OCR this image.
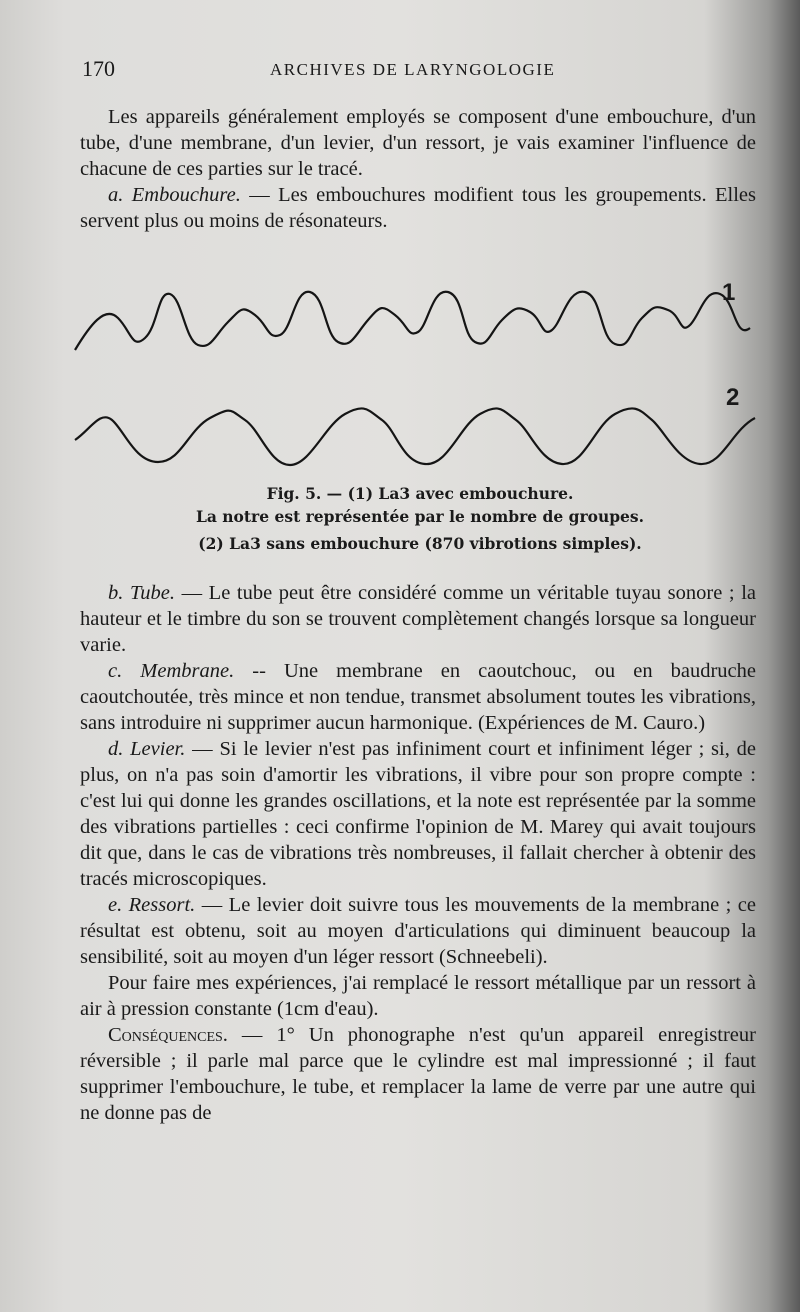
170	ARCHIVES DE LARYNGOLOGIE

Les appareils généralement employés se composent d'une embouchure, d'un tube, d'une membrane, d'un levier, d'un ressort, je vais examiner l'influence de chacune de ces parties sur le tracé.

a. Embouchure. — Les embouchures modifient tous les groupements. Elles servent plus ou moins de résonateurs.

1
2

Fig. 5. — (1) La3 avec embouchure.

La notre est représentée par le nombre de groupes.

(2) La3 sans embouchure (870 vibrotions simples).

b. Tube. — Le tube peut être considéré comme un véritable tuyau sonore ; la hauteur et le timbre du son se trouvent complètement changés lorsque sa longueur varie.

c. Membrane. -- Une membrane en caoutchouc, ou en baudruche caoutchoutée, très mince et non tendue, transmet absolument toutes les vibrations, sans introduire ni supprimer aucun harmonique. (Expériences de M. Cauro.)

d. Levier. — Si le levier n'est pas infiniment court et infiniment léger ; si, de plus, on n'a pas soin d'amortir les vibrations, il vibre pour son propre compte : c'est lui qui donne les grandes oscillations, et la note est représentée par la somme des vibrations partielles : ceci confirme l'opinion de M. Marey qui avait toujours dit que, dans le cas de vibrations très nombreuses, il fallait chercher à obtenir des tracés microscopiques.

e. Ressort. — Le levier doit suivre tous les mouvements de la membrane ; ce résultat est obtenu, soit au moyen d'articulations qui diminuent beaucoup la sensibilité, soit au moyen d'un léger ressort (Schneebeli).

Pour faire mes expériences, j'ai remplacé le ressort métallique par un ressort à air à pression constante (1cm d'eau).

Conséquences. — 1° Un phonographe n'est qu'un appareil enregistreur réversible ; il parle mal parce que le cylindre est mal impressionné ; il faut supprimer l'embouchure, le tube, et remplacer la lame de verre par une autre qui ne donne pas de
